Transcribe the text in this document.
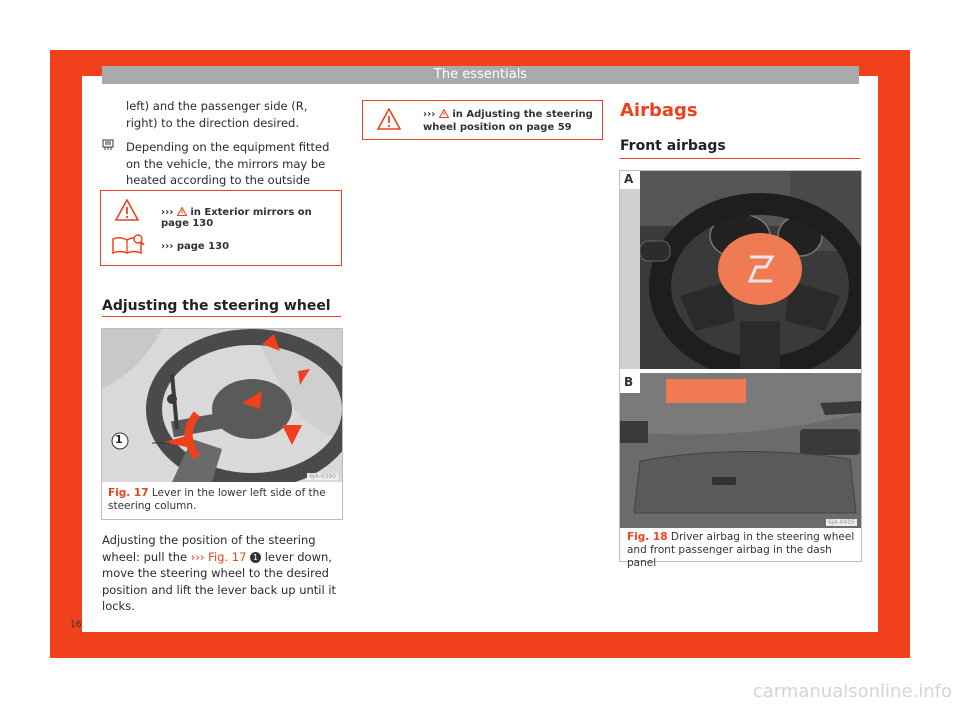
The essentials

left) and the passenger side (R, right) to the direction desired.

Depending on the equipment fitted on the vehicle, the mirrors may be heated according to the outside

››› in Exterior mirrors on page 130
››› page 130
Adjusting the steering wheel
1
6JA-0390
Fig. 17 Lever in the lower left side of the steering column.

Adjusting the position of the steering wheel: pull the ››› Fig. 17 1 lever down, move the steering wheel to the desired position and lift the lever back up until it locks.

16
››› in Adjusting the steering wheel position on page 59
Airbags
Front airbags
A
B
6JA-0405
Fig. 18 Driver airbag in the steering wheel and front passenger airbag in the dash panel
carmanualsonline.info
